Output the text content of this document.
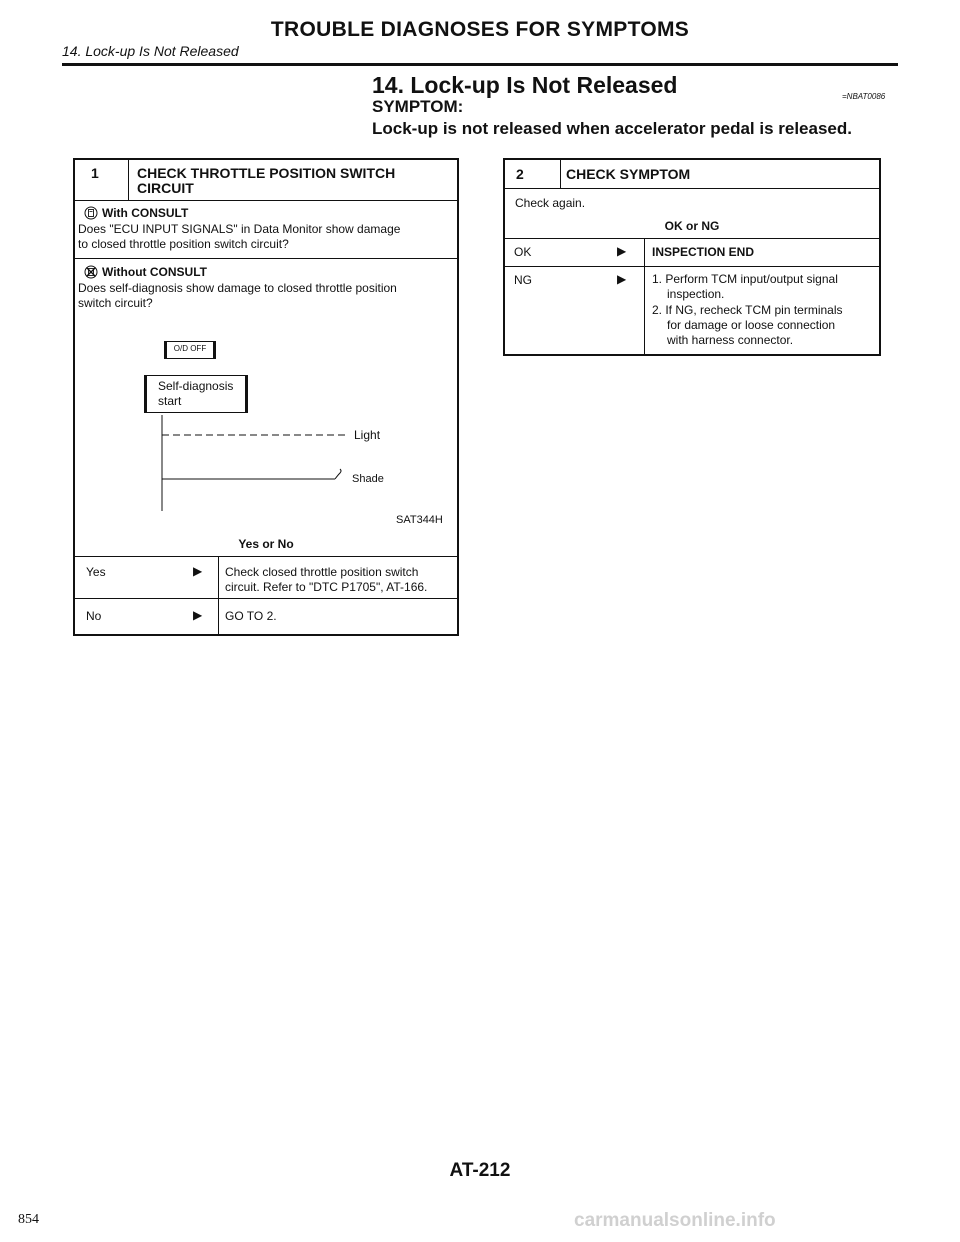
TROUBLE DIAGNOSES FOR SYMPTOMS
14. Lock-up Is Not Released
14. Lock-up Is Not Released	=NBAT0086
SYMPTOM:
Lock-up is not released when accelerator pedal is released.
1	CHECK THROTTLE POSITION SWITCH
CIRCUIT
With CONSULT
Does "ECU INPUT SIGNALS" in Data Monitor show damage
to closed throttle position switch circuit?
Without CONSULT
Does self-diagnosis show damage to closed throttle position
switch circuit?
O/D OFF
Self-diagnosis
start
Light
Shade
SAT344H
Yes or No
Yes	▶ Check closed throttle position switch
circuit. Refer to "DTC P1705", AT-166.
No	▶ GO TO 2.
2	CHECK SYMPTOM
Check again.
OK or NG
OK	▶ INSPECTION END
NG	▶ 1. Perform TCM input/output signal
inspection.
2. If NG, recheck TCM pin terminals
for damage or loose connection
with harness connector.
AT-212
854	carmanualsonline.info
